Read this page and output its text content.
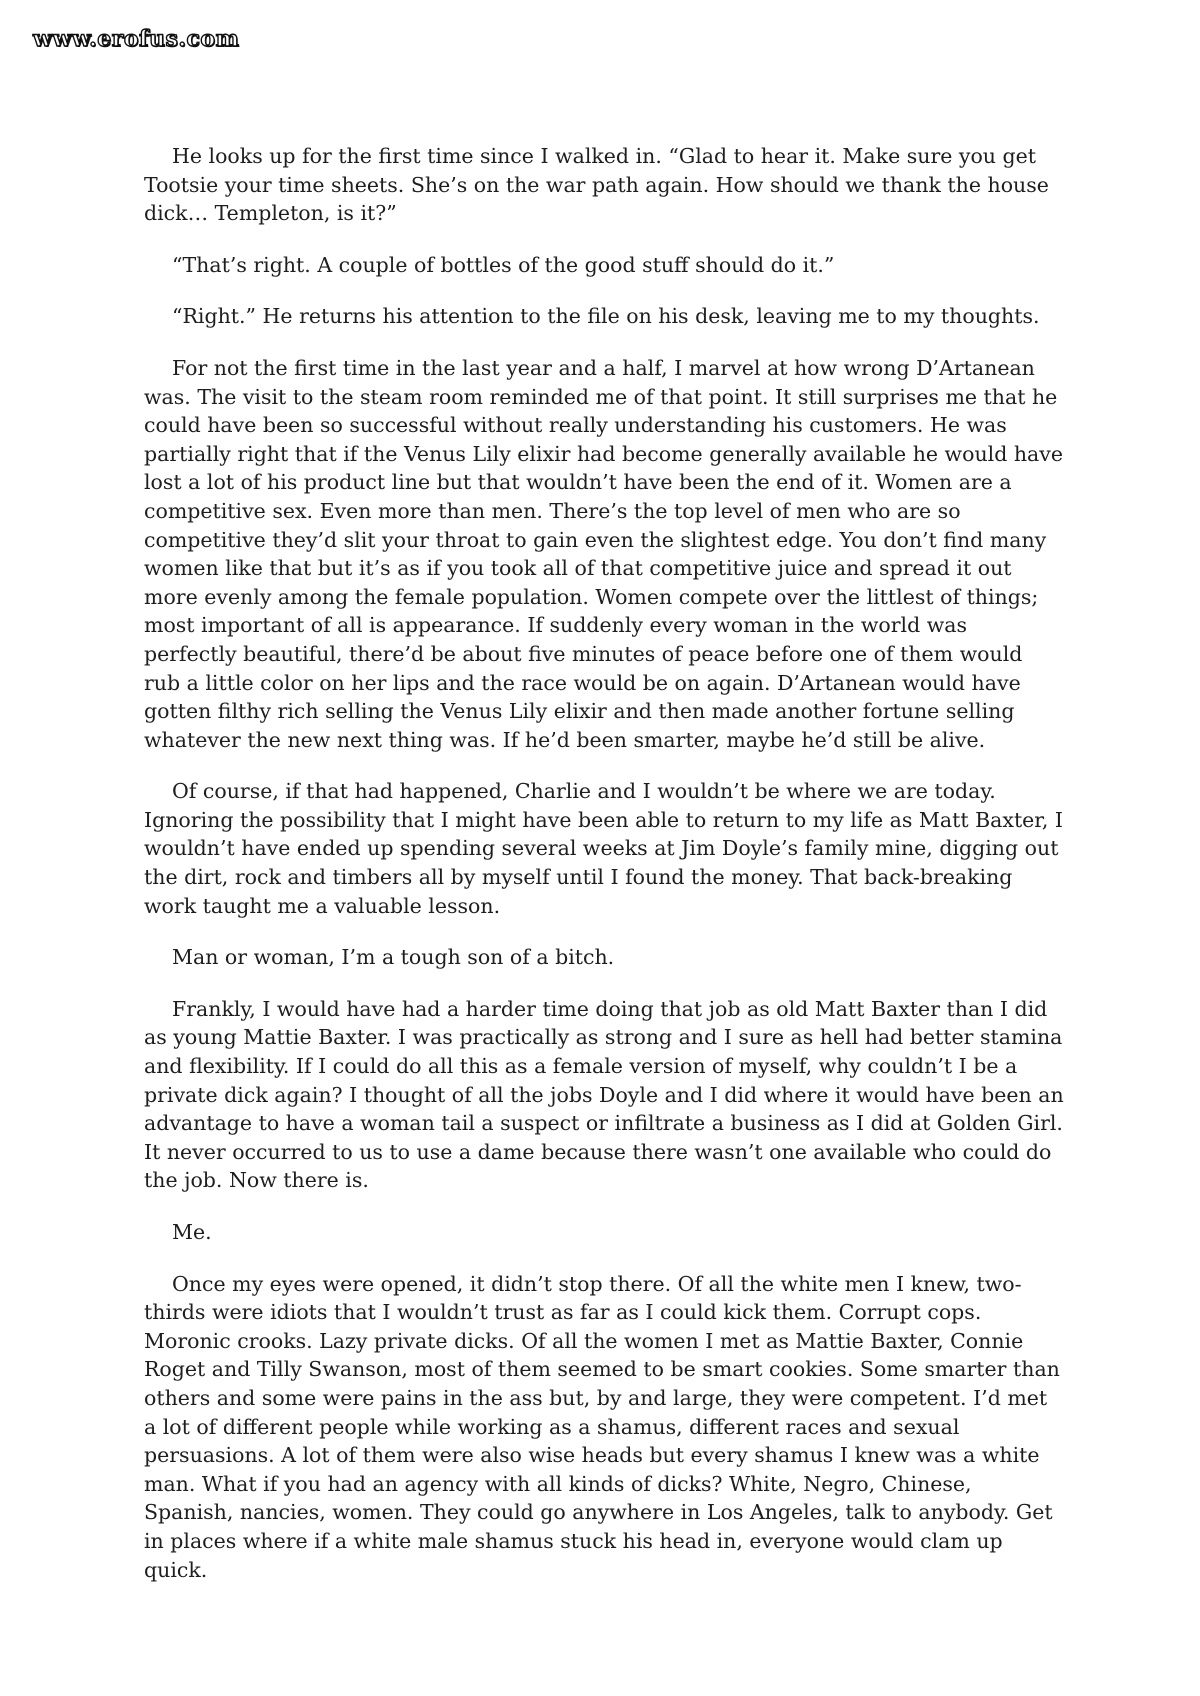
www.erofus.com

He looks up for the first time since I walked in. “Glad to hear it. Make sure you get Tootsie your time sheets. She’s on the war path again. How should we thank the house dick… Templeton, is it?”

“That’s right. A couple of bottles of the good stuff should do it.”

“Right.” He returns his attention to the file on his desk, leaving me to my thoughts.

For not the first time in the last year and a half, I marvel at how wrong D’Artanean was. The visit to the steam room reminded me of that point. It still surprises me that he could have been so successful without really understanding his customers. He was partially right that if the Venus Lily elixir had become generally available he would have lost a lot of his product line but that wouldn’t have been the end of it. Women are a competitive sex. Even more than men. There’s the top level of men who are so competitive they’d slit your throat to gain even the slightest edge. You don’t find many women like that but it’s as if you took all of that competitive juice and spread it out more evenly among the female population. Women compete over the littlest of things; most important of all is appearance. If suddenly every woman in the world was perfectly beautiful, there’d be about five minutes of peace before one of them would rub a little color on her lips and the race would be on again. D’Artanean would have gotten filthy rich selling the Venus Lily elixir and then made another fortune selling whatever the new next thing was. If he’d been smarter, maybe he’d still be alive.

Of course, if that had happened, Charlie and I wouldn’t be where we are today. Ignoring the possibility that I might have been able to return to my life as Matt Baxter, I wouldn’t have ended up spending several weeks at Jim Doyle’s family mine, digging out the dirt, rock and timbers all by myself until I found the money. That back-breaking work taught me a valuable lesson.

Man or woman, I’m a tough son of a bitch.

Frankly, I would have had a harder time doing that job as old Matt Baxter than I did as young Mattie Baxter. I was practically as strong and I sure as hell had better stamina and flexibility. If I could do all this as a female version of myself, why couldn’t I be a private dick again? I thought of all the jobs Doyle and I did where it would have been an advantage to have a woman tail a suspect or infiltrate a business as I did at Golden Girl. It never occurred to us to use a dame because there wasn’t one available who could do the job. Now there is.

Me.

Once my eyes were opened, it didn’t stop there. Of all the white men I knew, two-thirds were idiots that I wouldn’t trust as far as I could kick them. Corrupt cops. Moronic crooks. Lazy private dicks. Of all the women I met as Mattie Baxter, Connie Roget and Tilly Swanson, most of them seemed to be smart cookies. Some smarter than others and some were pains in the ass but, by and large, they were competent. I’d met a lot of different people while working as a shamus, different races and sexual persuasions. A lot of them were also wise heads but every shamus I knew was a white man. What if you had an agency with all kinds of dicks? White, Negro, Chinese, Spanish, nancies, women. They could go anywhere in Los Angeles, talk to anybody. Get in places where if a white male shamus stuck his head in, everyone would clam up quick.
